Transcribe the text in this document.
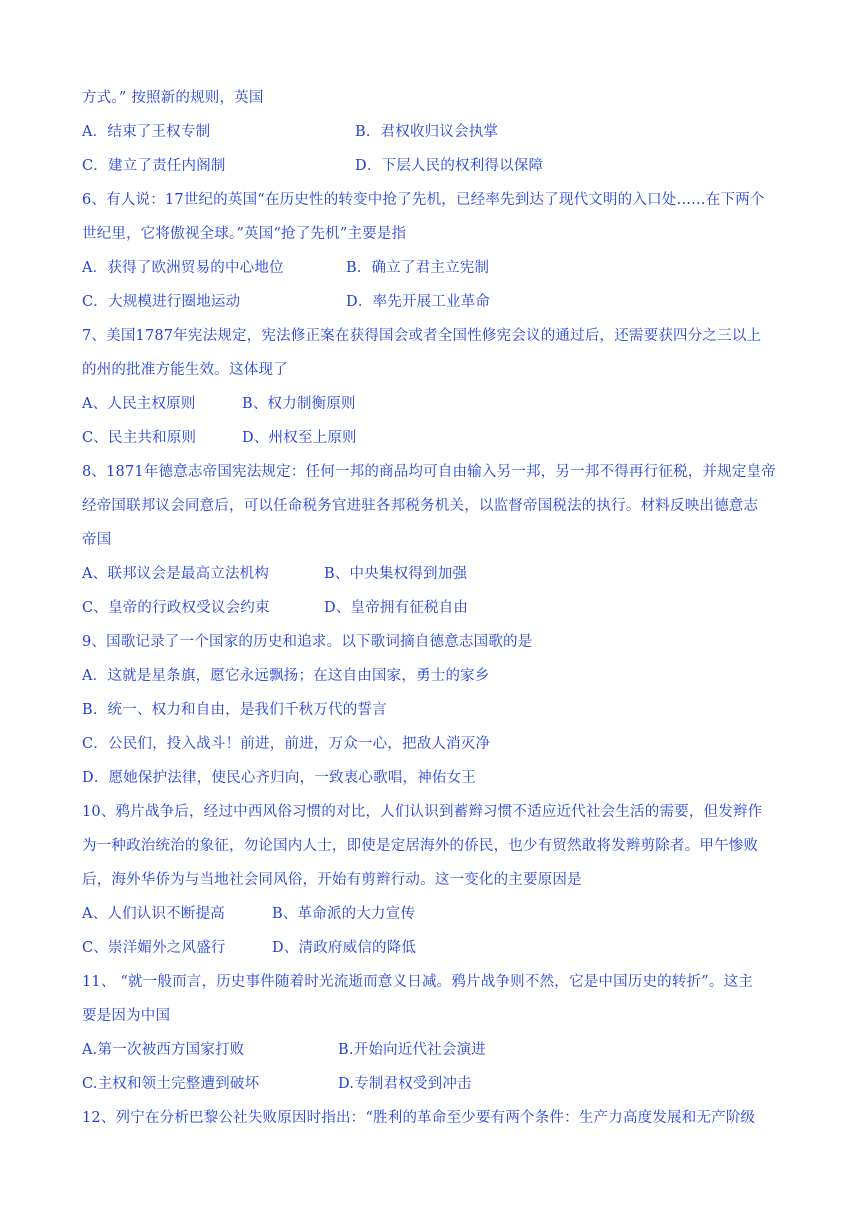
方式。” 按照新的规则，英国
A．结束了王权专制	B．君权收归议会执掌
C．建立了责任内阁制	D．下层人民的权利得以保障
6、有人说：17世纪的英国“在历史性的转变中抢了先机，已经率先到达了现代文明的入口处……在下两个
世纪里，它将傲视全球。”英国“抢了先机”主要是指
A．获得了欧洲贸易的中心地位	B．确立了君主立宪制
C．大规模进行圈地运动	D．率先开展工业革命
7、美国1787年宪法规定，宪法修正案在获得国会或者全国性修宪会议的通过后，还需要获四分之三以上
的州的批准方能生效。这体现了
A、人民主权原则	B、权力制衡原则
C、民主共和原则	D、州权至上原则
8、1871年德意志帝国宪法规定：任何一邦的商品均可自由输入另一邦，另一邦不得再行征税，并规定皇帝
经帝国联邦议会同意后，可以任命税务官进驻各邦税务机关，以监督帝国税法的执行。材料反映出德意志
帝国
A、联邦议会是最高立法机构	B、中央集权得到加强
C、皇帝的行政权受议会约束	D、皇帝拥有征税自由
9、国歌记录了一个国家的历史和追求。以下歌词摘自德意志国歌的是
A．这就是星条旗，愿它永远飘扬；在这自由国家，勇士的家乡
B．统一、权力和自由，是我们千秋万代的誓言
C．公民们，投入战斗！前进，前进，万众一心，把敌人消灭净
D．愿她保护法律，使民心齐归向，一致衷心歌唱，神佑女王
10、鸦片战争后，经过中西风俗习惯的对比，人们认识到蓄辫习惯不适应近代社会生活的需要，但发辫作
为一种政治统治的象征，勿论国内人士，即使是定居海外的侨民，也少有贸然敢将发辫剪除者。甲午惨败
后，海外华侨为与当地社会同风俗，开始有剪辫行动。这一变化的主要原因是
A、人们认识不断提高	B、革命派的大力宣传
C、崇洋媚外之风盛行	D、清政府威信的降低
11、 “就一般而言，历史事件随着时光流逝而意义日减。鸦片战争则不然，它是中国历史的转折”。这主
要是因为中国
A.第一次被西方国家打败	B.开始向近代社会演进
C.主权和领土完整遭到破坏	D.专制君权受到冲击
12、列宁在分析巴黎公社失败原因时指出：“胜利的革命至少要有两个条件：生产力高度发展和无产阶级
